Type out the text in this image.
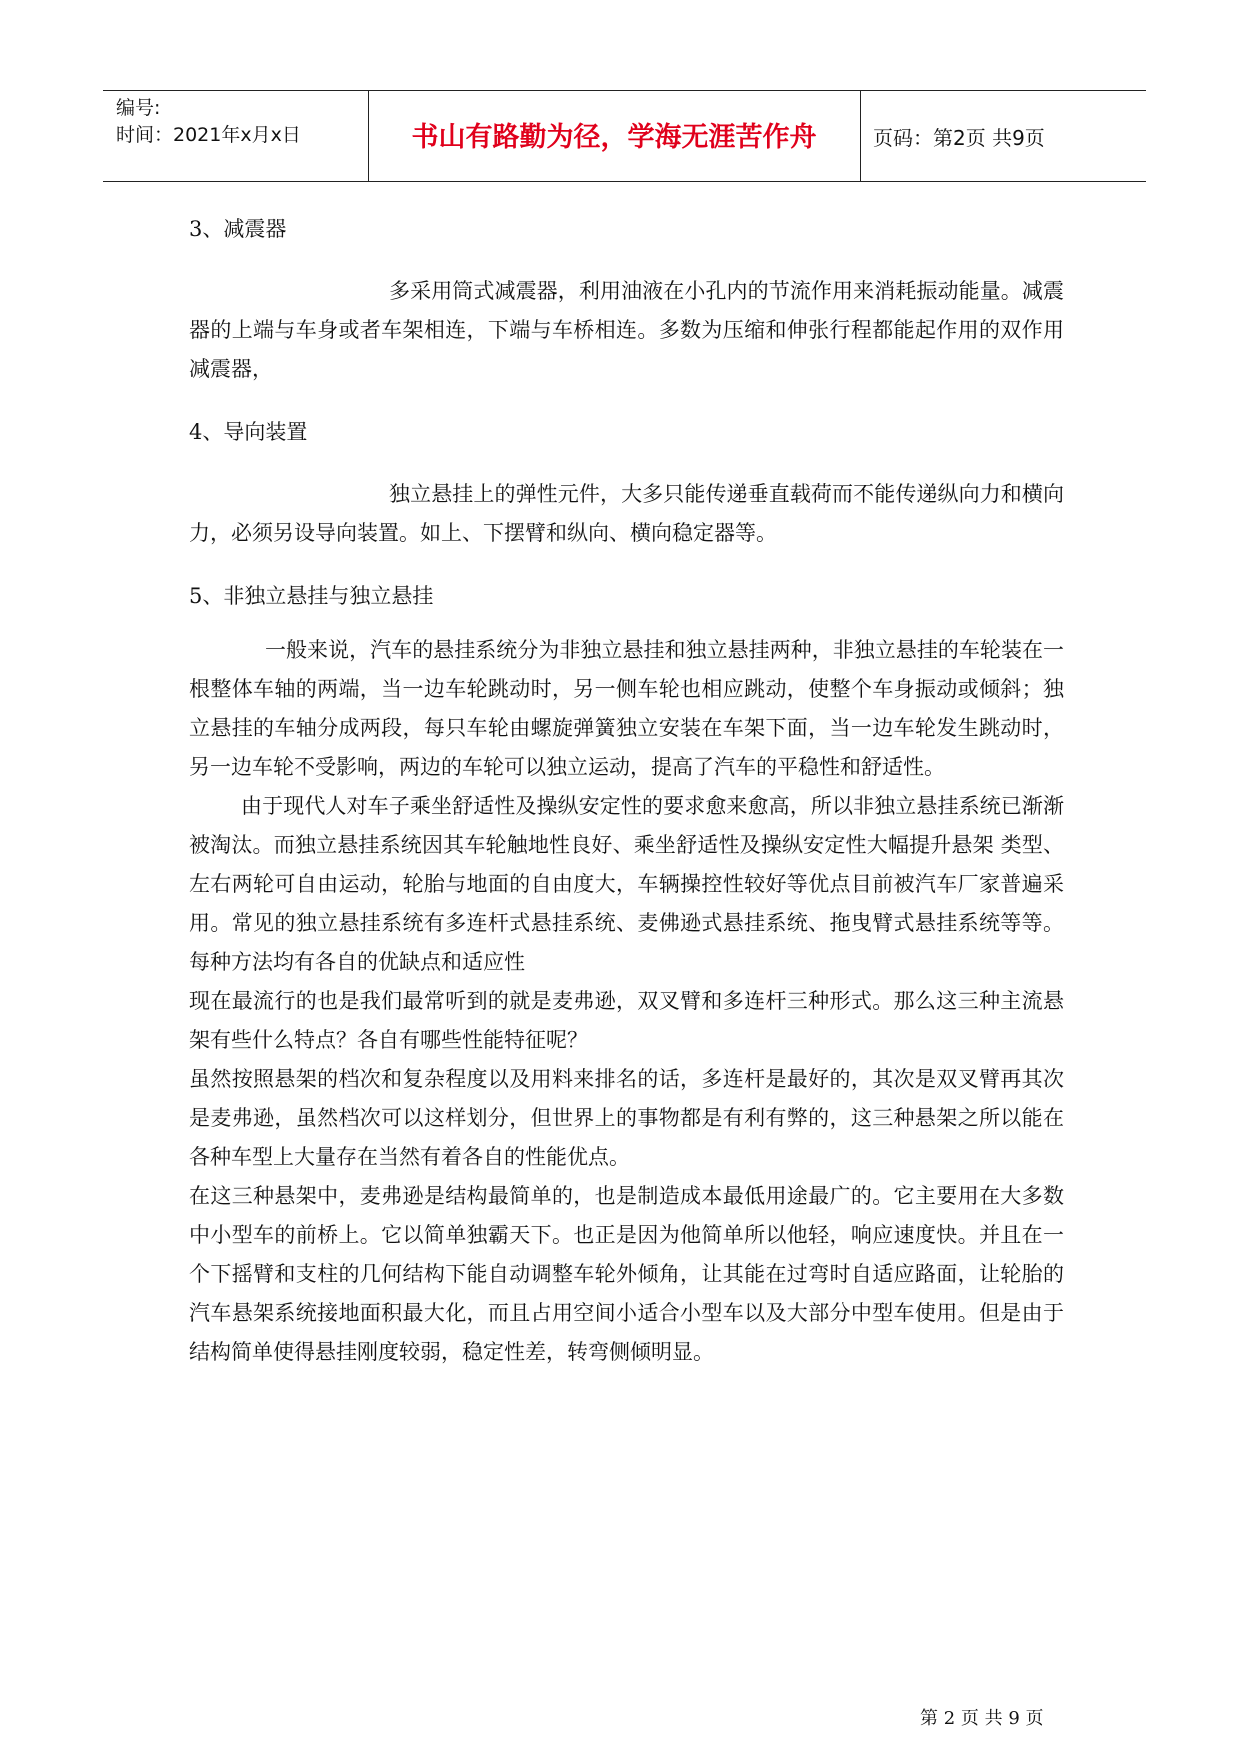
编号:
时间：2021年x月x日	书山有路勤为径，学海无涯苦作舟	页码：第2页 共9页

3、减震器

多采用筒式减震器，利用油液在小孔内的节流作用来消耗振动能量。减震器的上端与车身或者车架相连，下端与车桥相连。多数为压缩和伸张行程都能起作用的双作用减震器，

4、导向装置

独立悬挂上的弹性元件，大多只能传递垂直载荷而不能传递纵向力和横向力，必须另设导向装置。如上、下摆臂和纵向、横向稳定器等。

5、非独立悬挂与独立悬挂

一般来说，汽车的悬挂系统分为非独立悬挂和独立悬挂两种，非独立悬挂的车轮装在一根整体车轴的两端，当一边车轮跳动时，另一侧车轮也相应跳动，使整个车身振动或倾斜；独立悬挂的车轴分成两段，每只车轮由螺旋弹簧独立安装在车架下面，当一边车轮发生跳动时，另一边车轮不受影响，两边的车轮可以独立运动，提高了汽车的平稳性和舒适性。

由于现代人对车子乘坐舒适性及操纵安定性的要求愈来愈高，所以非独立悬挂系统已渐渐被淘汰。而独立悬挂系统因其车轮触地性良好、乘坐舒适性及操纵安定性大幅提升悬架 类型、左右两轮可自由运动，轮胎与地面的自由度大，车辆操控性较好等优点目前被汽车厂家普遍采用。常见的独立悬挂系统有多连杆式悬挂系统、麦佛逊式悬挂系统、拖曳臂式悬挂系统等等。每种方法均有各自的优缺点和适应性

现在最流行的也是我们最常听到的就是麦弗逊，双叉臂和多连杆三种形式。那么这三种主流悬架有些什么特点？各自有哪些性能特征呢？

虽然按照悬架的档次和复杂程度以及用料来排名的话，多连杆是最好的，其次是双叉臂再其次是麦弗逊，虽然档次可以这样划分，但世界上的事物都是有利有弊的，这三种悬架之所以能在各种车型上大量存在当然有着各自的性能优点。

在这三种悬架中，麦弗逊是结构最简单的，也是制造成本最低用途最广的。它主要用在大多数中小型车的前桥上。它以简单独霸天下。也正是因为他简单所以他轻，响应速度快。并且在一个下摇臂和支柱的几何结构下能自动调整车轮外倾角，让其能在过弯时自适应路面，让轮胎的汽车悬架系统接地面积最大化，而且占用空间小适合小型车以及大部分中型车使用。但是由于结构简单使得悬挂刚度较弱，稳定性差，转弯侧倾明显。

第 2 页 共 9 页
